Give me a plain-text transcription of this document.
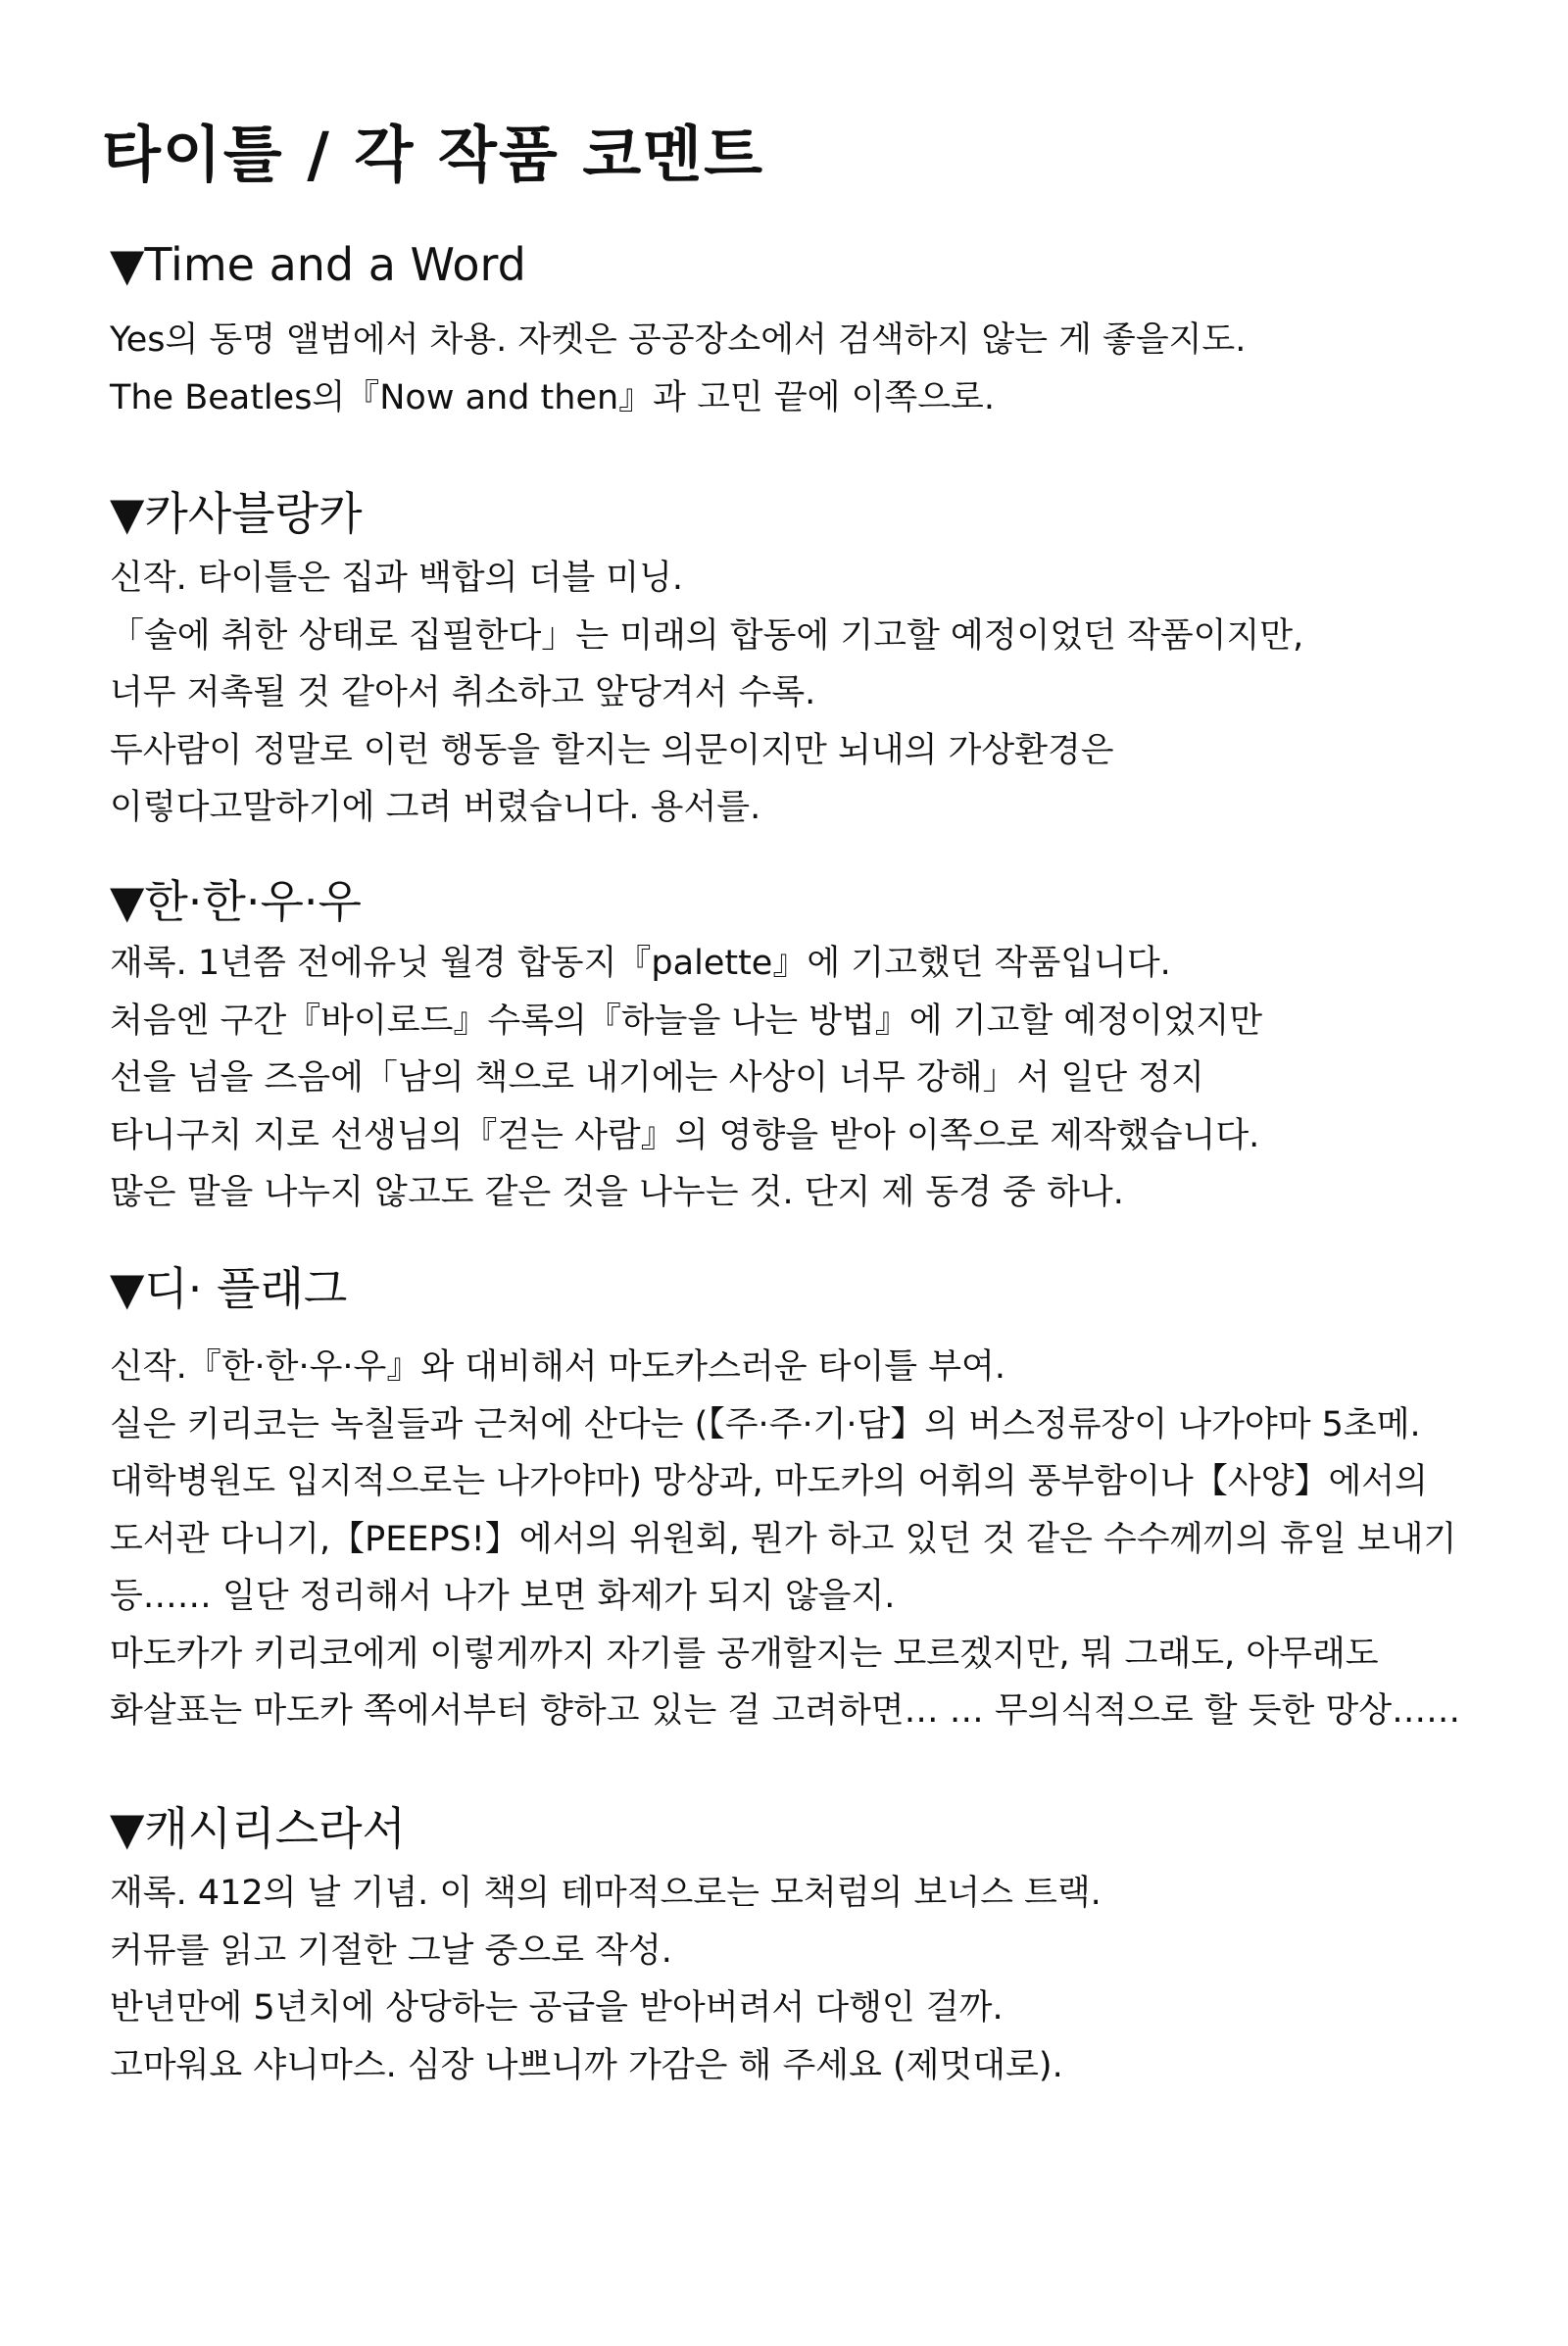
타이틀 / 각 작품 코멘트
▼Time and a Word
Yes의 동명 앨범에서 차용. 자켓은 공공장소에서 검색하지 않는 게 좋을지도.
The Beatles의『Now and then』과 고민 끝에 이쪽으로.
▼카사블랑카
신작. 타이틀은 집과 백합의 더블 미닝.
「술에 취한 상태로 집필한다」는 미래의 합동에 기고할 예정이었던 작품이지만,
너무 저촉될 것 같아서 취소하고 앞당겨서 수록.
두사람이 정말로 이런 행동을 할지는 의문이지만 뇌내의 가상환경은
이렇다고말하기에 그려 버렸습니다. 용서를.
▼한·한·우·우
재록. 1년쯤 전에유닛 월경 합동지『palette』에 기고했던 작품입니다.
처음엔 구간『바이로드』수록의『하늘을 나는 방법』에 기고할 예정이었지만
선을 넘을 즈음에「남의 책으로 내기에는 사상이 너무 강해」서 일단 정지
타니구치 지로 선생님의『걷는 사람』의 영향을 받아 이쪽으로 제작했습니다.
많은 말을 나누지 않고도 같은 것을 나누는 것. 단지 제 동경 중 하나.
▼디· 플래그
신작.『한·한·우·우』와 대비해서 마도카스러운 타이틀 부여.
실은 키리코는 녹칠들과 근처에 산다는 (【주·주·기·담】의 버스정류장이 나가야마 5초메.
대학병원도 입지적으로는 나가야마) 망상과, 마도카의 어휘의 풍부함이나【사양】에서의
도서관 다니기,【PEEPS!】에서의 위원회, 뭔가 하고 있던 것 같은 수수께끼의 휴일 보내기
등…… 일단 정리해서 나가 보면 화제가 되지 않을지.
마도카가 키리코에게 이렇게까지 자기를 공개할지는 모르겠지만, 뭐 그래도, 아무래도
화살표는 마도카 쪽에서부터 향하고 있는 걸 고려하면… … 무의식적으로 할 듯한 망상……
▼캐시리스라서
재록. 412의 날 기념. 이 책의 테마적으로는 모처럼의 보너스 트랙.
커뮤를 읽고 기절한 그날 중으로 작성.
반년만에 5년치에 상당하는 공급을 받아버려서 다행인 걸까.
고마워요 샤니마스. 심장 나쁘니까 가감은 해 주세요 (제멋대로).
